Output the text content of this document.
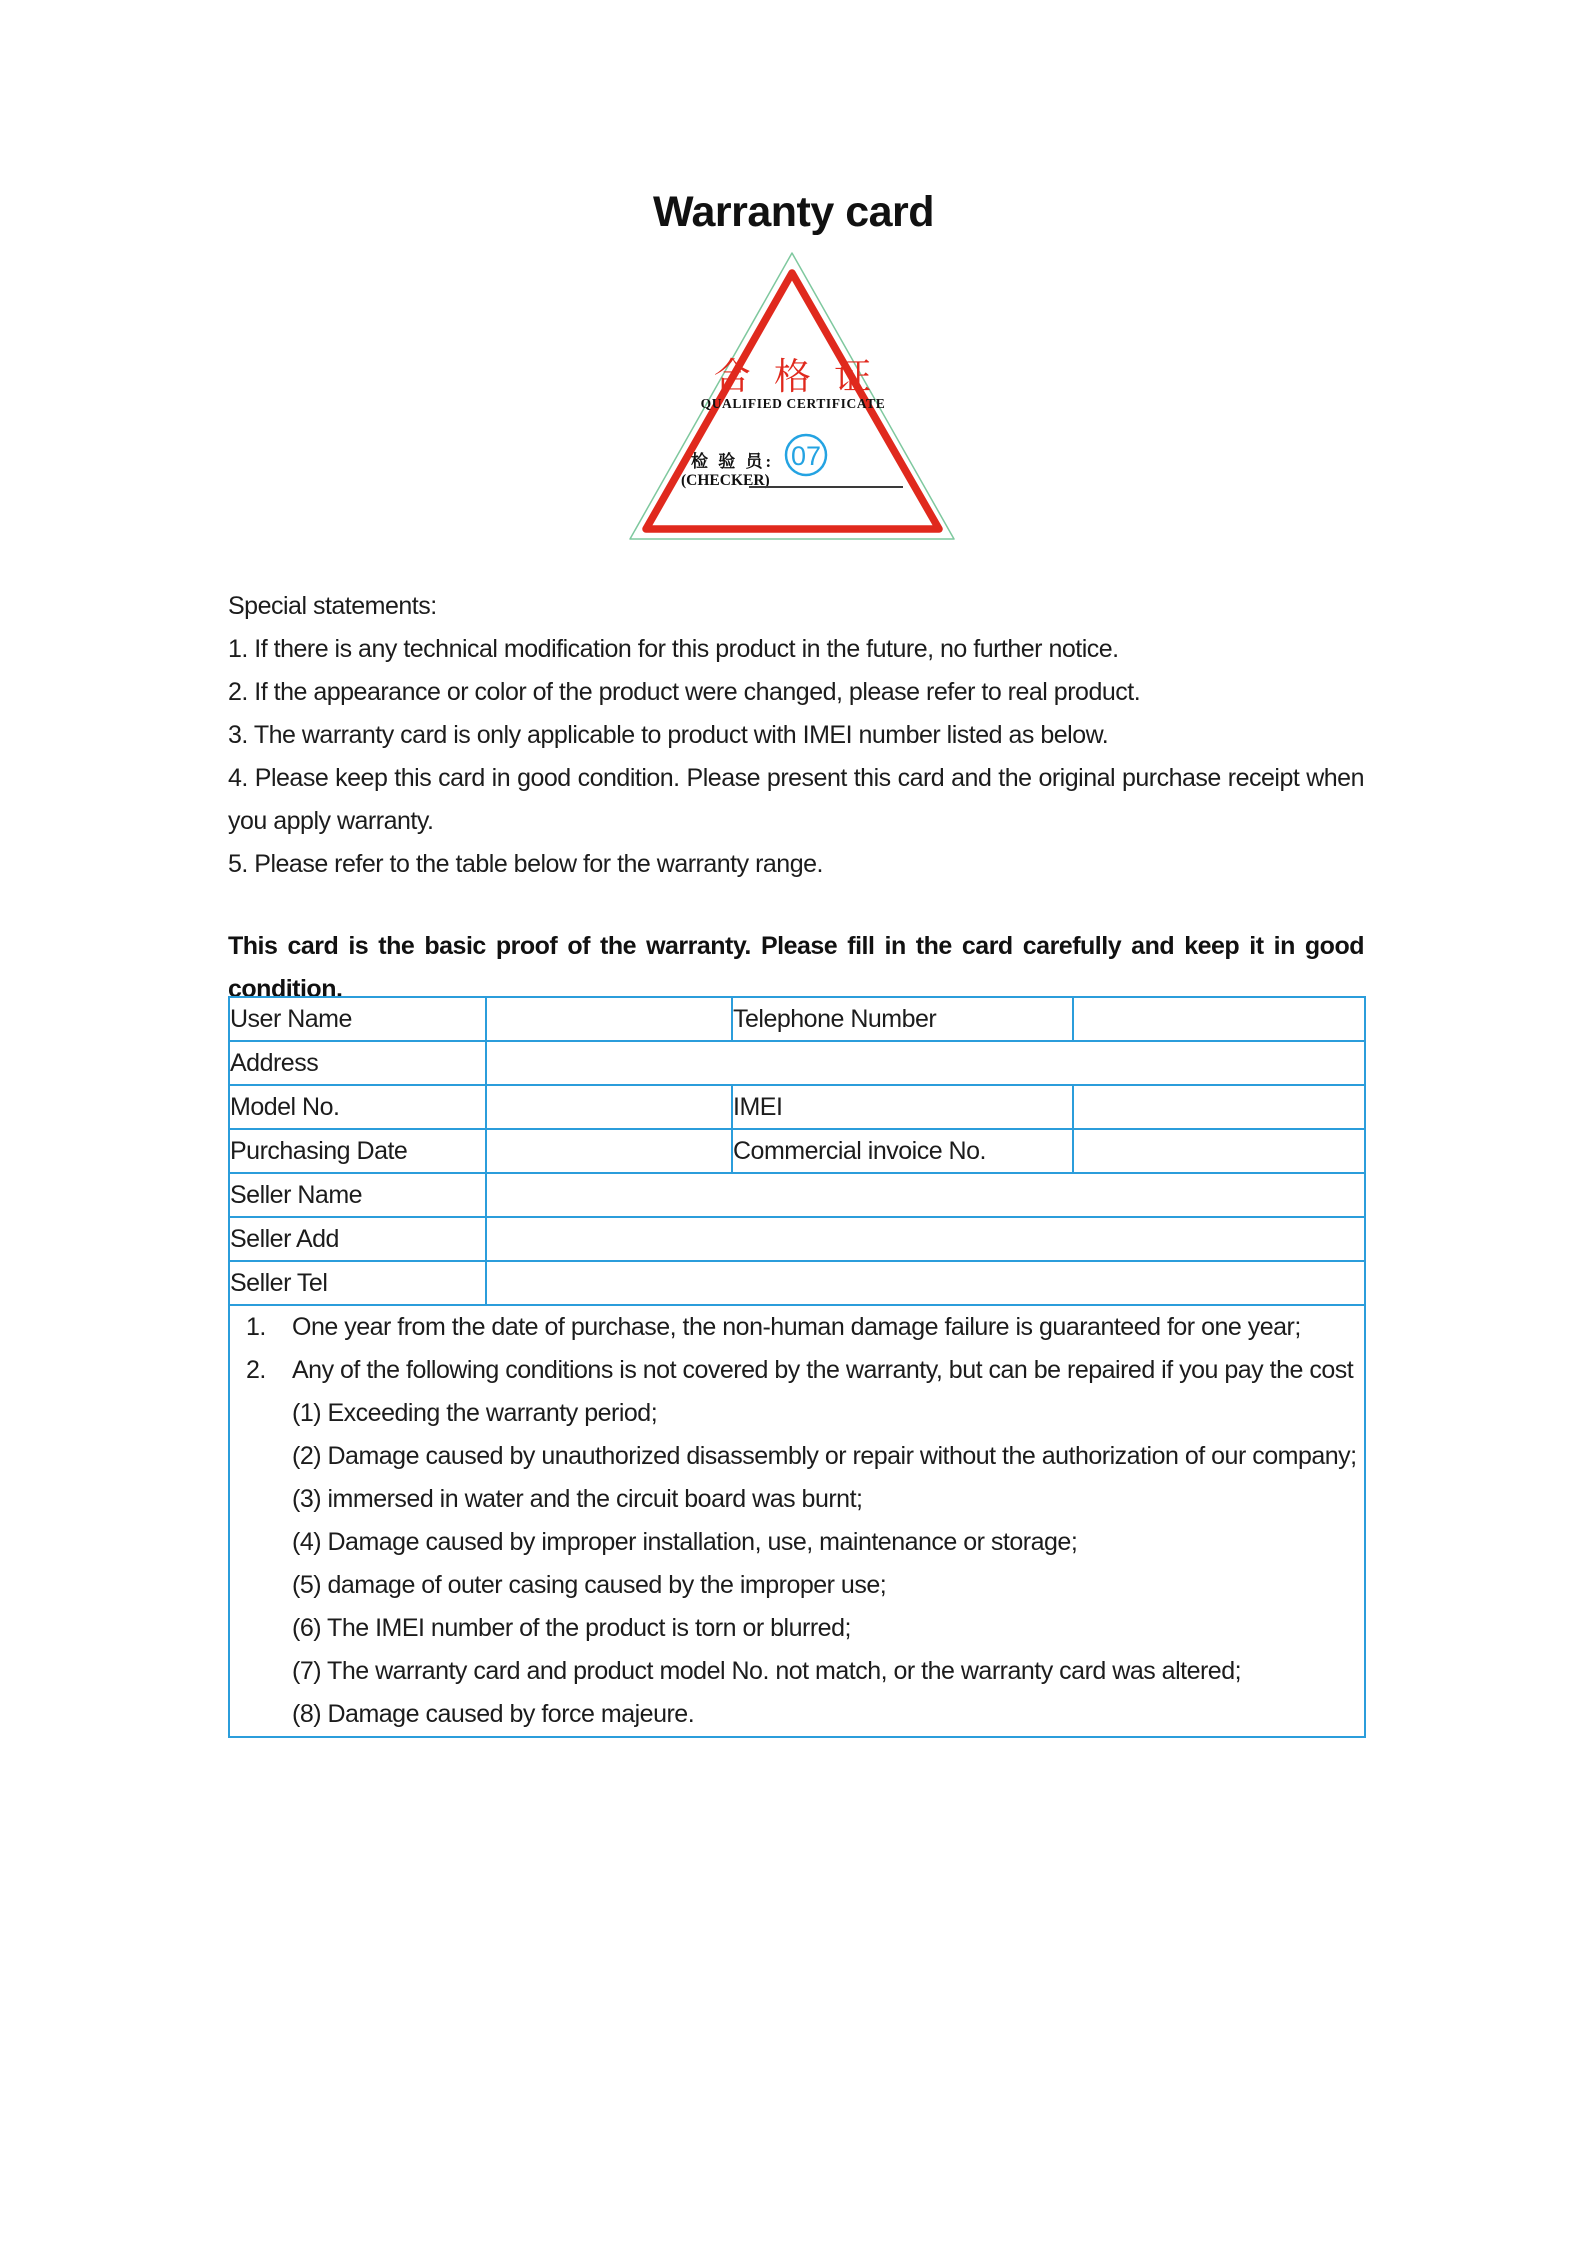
Warranty card
合 格 证
QUALIFIED CERTIFICATE
检 验 员:
(CHECKER)
07
Special statements:
1. If there is any technical modification for this product in the future, no further notice.
2. If the appearance or color of the product were changed, please refer to real product.
3. The warranty card is only applicable to product with IMEI number listed as below.
4. Please keep this card in good condition. Please present this card and the original purchase receipt when you apply warranty.
5. Please refer to the table below for the warranty range.
This card is the basic proof of the warranty. Please fill in the card carefully and keep it in good condition.
User Name		Telephone Number	
Address			
Model No.		IMEI	
Purchasing Date		Commercial invoice No.	
Seller Name			
Seller Add			
Seller Tel			

1. One year from the date of purchase, the non-human damage failure is guaranteed for one year;
2. Any of the following conditions is not covered by the warranty, but can be repaired if you pay the cost
(1) Exceeding the warranty period;
(2) Damage caused by unauthorized disassembly or repair without the authorization of our company;
(3) immersed in water and the circuit board was burnt;
(4) Damage caused by improper installation, use, maintenance or storage;
(5) damage of outer casing caused by the improper use;
(6) The IMEI number of the product is torn or blurred;
(7) The warranty card and product model No. not match, or the warranty card was altered;
(8) Damage caused by force majeure.
